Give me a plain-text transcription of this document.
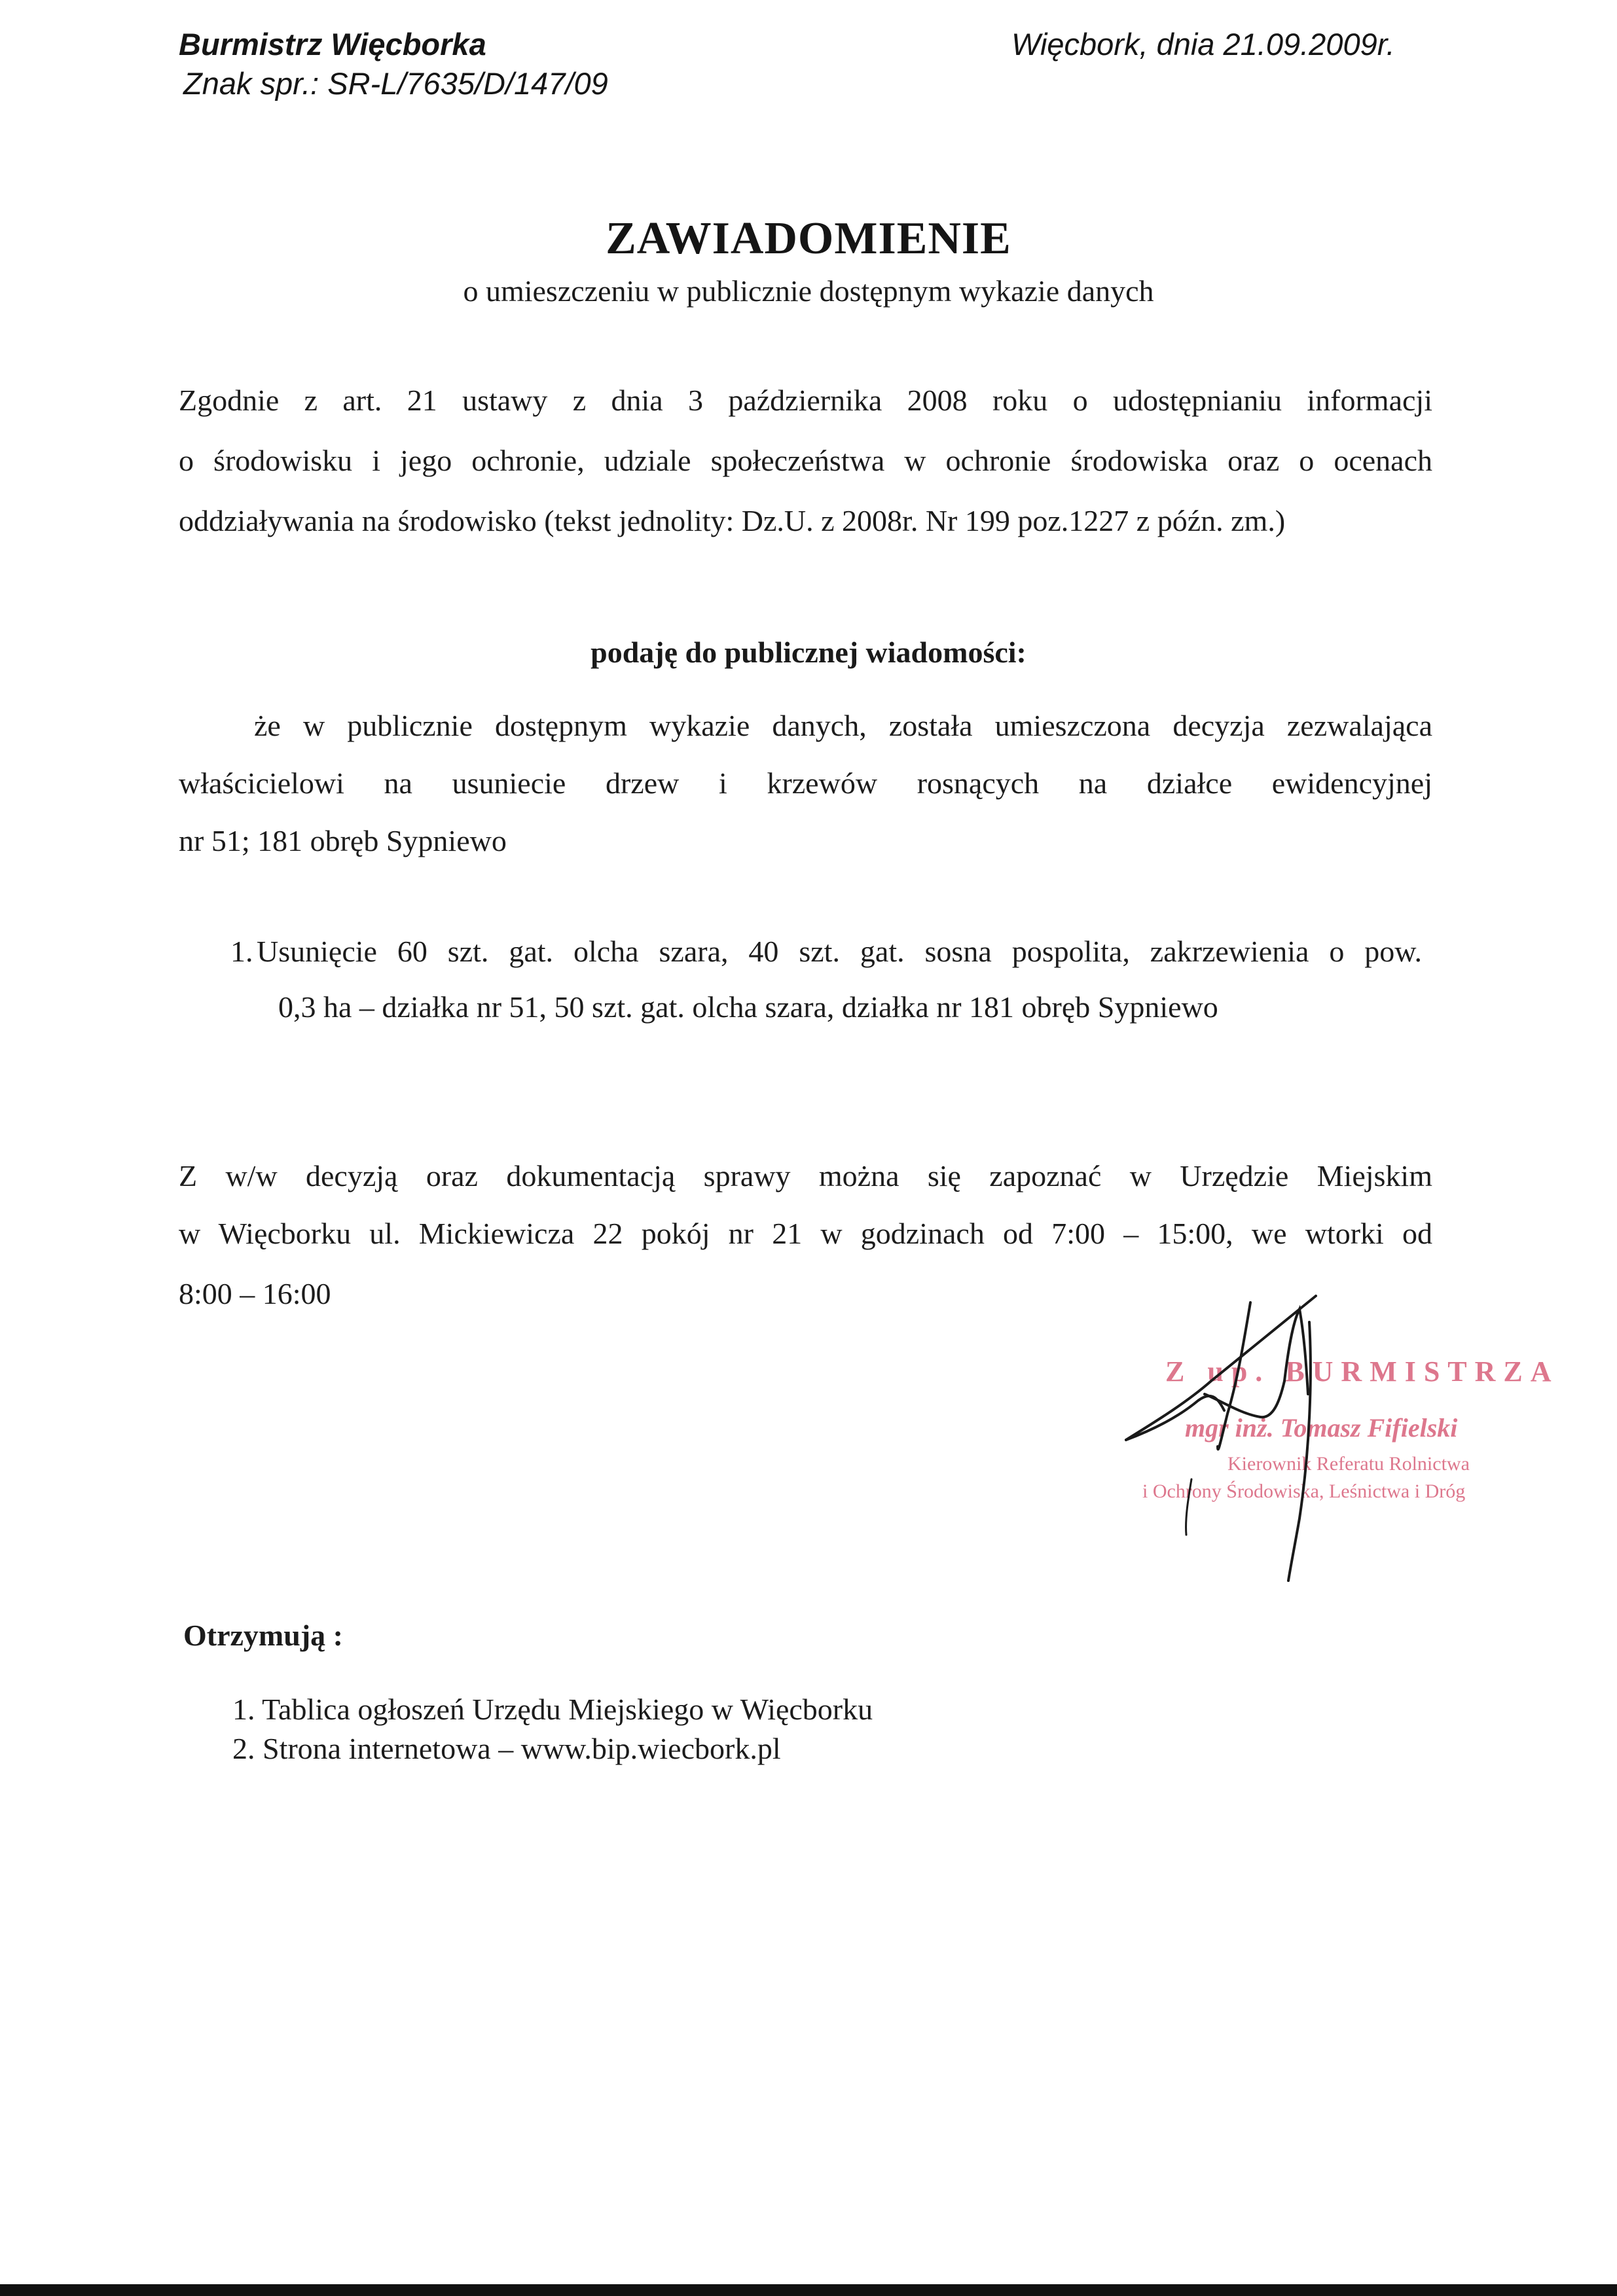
Burmistrz Więcborka
Znak spr.: SR-L/7635/D/147/09
Więcbork, dnia 21.09.2009r.
ZAWIADOMIENIE
o umieszczeniu w publicznie dostępnym wykazie danych
Zgodnie z art. 21 ustawy z dnia 3 października 2008 roku o udostępnianiu informacji
o środowisku i jego ochronie, udziale społeczeństwa w ochronie środowiska oraz o ocenach
oddziaływania na środowisko (tekst jednolity: Dz.U. z 2008r. Nr 199 poz.1227 z późn. zm.)
podaję do publicznej wiadomości:
że w publicznie dostępnym wykazie danych, została umieszczona decyzja zezwalająca
właścicielowi na usuniecie drzew i krzewów rosnących na działce ewidencyjnej
nr 51; 181 obręb Sypniewo
1. Usunięcie 60 szt. gat. olcha szara, 40 szt. gat. sosna pospolita, zakrzewienia o pow.
0,3 ha – działka nr 51, 50 szt. gat. olcha szara, działka nr 181 obręb Sypniewo
Z w/w decyzją oraz dokumentacją sprawy można się zapoznać w Urzędzie Miejskim
w Więcborku ul. Mickiewicza 22 pokój nr 21 w godzinach od 7:00 – 15:00, we wtorki od
8:00 – 16:00
Z up. BURMISTRZA
mgr inż. Tomasz Fifielski
Kierownik Referatu Rolnictwa
i Ochrony Środowiska, Leśnictwa i Dróg
Otrzymują :
1. Tablica ogłoszeń Urzędu Miejskiego w Więcborku
2. Strona internetowa – www.bip.wiecbork.pl
